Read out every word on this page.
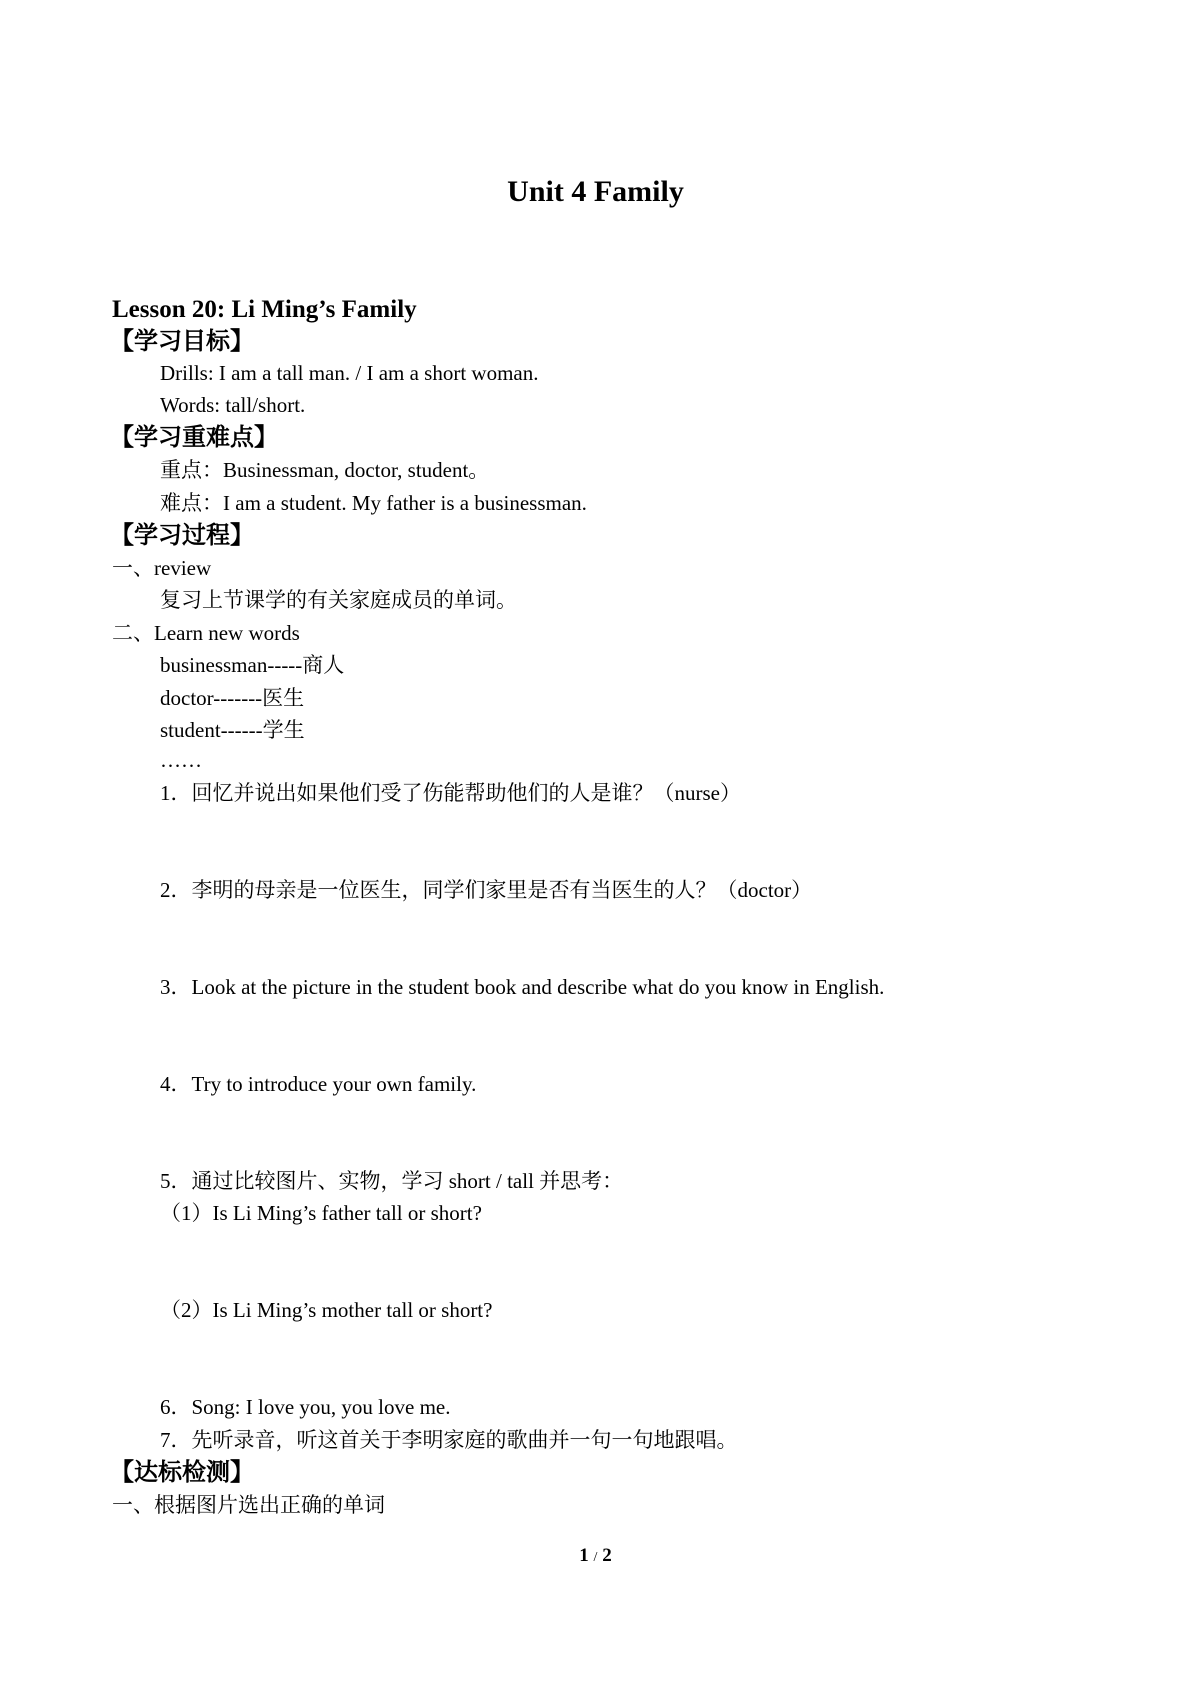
Unit 4 Family
Lesson 20: Li Ming’s Family
【学习目标】
Drills: I am a tall man. / I am a short woman.
Words: tall/short.
【学习重难点】
重点：Businessman, doctor, student。
难点：I am a student. My father is a businessman.
【学习过程】
一、review
复习上节课学的有关家庭成员的单词。
二、Learn new words
businessman-----商人
doctor-------医生
student------学生
……
1．回忆并说出如果他们受了伤能帮助他们的人是谁？（nurse）
2．李明的母亲是一位医生，同学们家里是否有当医生的人？（doctor）
3．Look at the picture in the student book and describe what do you know in English.
4．Try to introduce your own family.
5．通过比较图片、实物，学习 short / tall 并思考：
（1）Is Li Ming’s father tall or short?
（2）Is Li Ming’s mother tall or short?
6．Song: I love you, you love me.
7．先听录音，听这首关于李明家庭的歌曲并一句一句地跟唱。
【达标检测】
一、根据图片选出正确的单词
1 / 2
